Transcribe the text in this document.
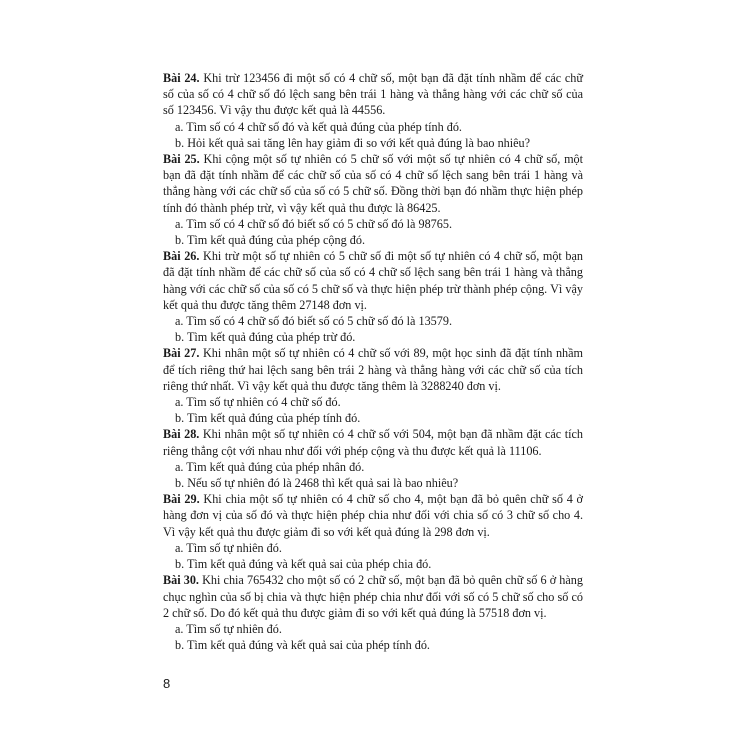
Bài 24. Khi trừ 123456 đi một số có 4 chữ số, một bạn đã đặt tính nhầm để các chữ số của số có 4 chữ số đó lệch sang bên trái 1 hàng và thẳng hàng với các chữ số của số 123456. Vì vậy thu được kết quả là 44556.
a. Tìm số có 4 chữ số đó và kết quả đúng của phép tính đó.
b. Hỏi kết quả sai tăng lên hay giảm đi so với kết quả đúng là bao nhiêu?
Bài 25. Khi cộng một số tự nhiên có 5 chữ số với một số tự nhiên có 4 chữ số, một bạn đã đặt tính nhầm để các chữ số của số có 4 chữ số lệch sang bên trái 1 hàng và thẳng hàng với các chữ số của số có 5 chữ số. Đồng thời bạn đó nhầm thực hiện phép tính đó thành phép trừ, vì vậy kết quả thu được là 86425.
a. Tìm số có 4 chữ số đó biết số có 5 chữ số đó là 98765.
b. Tìm kết quả đúng của phép cộng đó.
Bài 26. Khi trừ một số tự nhiên có 5 chữ số đi một số tự nhiên có 4 chữ số, một bạn đã đặt tính nhầm để các chữ số của số có 4 chữ số lệch sang bên trái 1 hàng và thẳng hàng với các chữ số của số có 5 chữ số và thực hiện phép trừ thành phép cộng. Vì vậy kết quả thu được tăng thêm 27148 đơn vị.
a. Tìm số có 4 chữ số đó biết số có 5 chữ số đó là 13579.
b. Tìm kết quả đúng của phép trừ đó.
Bài 27. Khi nhân một số tự nhiên có 4 chữ số với 89, một học sinh đã đặt tính nhầm để tích riêng thứ hai lệch sang bên trái 2 hàng và thẳng hàng với các chữ số của tích riêng thứ nhất. Vì vậy kết quả thu được tăng thêm là 3288240 đơn vị.
a. Tìm số tự nhiên có 4 chữ số đó.
b. Tìm kết quả đúng của phép tính đó.
Bài 28. Khi nhân một số tự nhiên có 4 chữ số với 504, một bạn đã nhầm đặt các tích riêng thẳng cột với nhau như đối với phép cộng và thu được kết quả là 11106.
a. Tìm kết quả đúng của phép nhân đó.
b. Nếu số tự nhiên đó là 2468 thì kết quả sai là bao nhiêu?
Bài 29. Khi chia một số tự nhiên có 4 chữ số cho 4, một bạn đã bỏ quên chữ số 4 ở hàng đơn vị của số đó và thực hiện phép chia như đối với chia số có 3 chữ số cho 4. Vì vậy kết quả thu được giảm đi so với kết quả đúng là 298 đơn vị.
a. Tìm số tự nhiên đó.
b. Tìm kết quả đúng và kết quả sai của phép chia đó.
Bài 30. Khi chia 765432 cho một số có 2 chữ số, một bạn đã bỏ quên chữ số 6 ở hàng chục nghìn của số bị chia và thực hiện phép chia như đối với số có 5 chữ số cho số có 2 chữ số. Do đó kết quả thu được giảm đi so với kết quả đúng là 57518 đơn vị.
a. Tìm số tự nhiên đó.
b. Tìm kết quả đúng và kết quả sai của phép tính đó.
8
